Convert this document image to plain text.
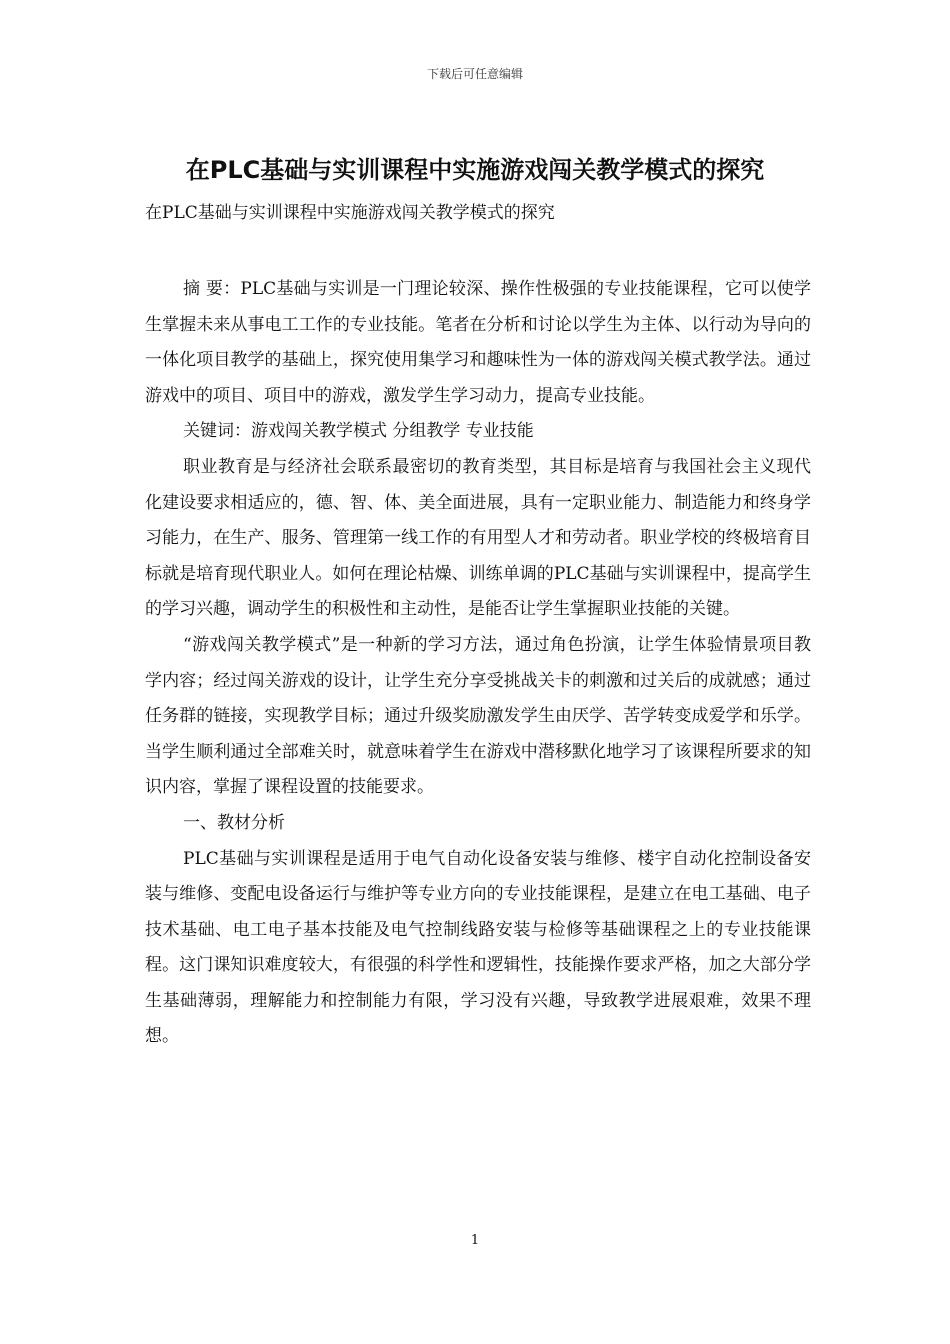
下载后可任意编辑
在PLC基础与实训课程中实施游戏闯关教学模式的探究

在PLC基础与实训课程中实施游戏闯关教学模式的探究

摘 要：PLC基础与实训是一门理论较深、操作性极强的专业技能课程，它可以使学生掌握未来从事电工工作的专业技能。笔者在分析和讨论以学生为主体、以行动为导向的一体化项目教学的基础上，探究使用集学习和趣味性为一体的游戏闯关模式教学法。通过游戏中的项目、项目中的游戏，激发学生学习动力，提高专业技能。

关键词：游戏闯关教学模式 分组教学 专业技能

职业教育是与经济社会联系最密切的教育类型，其目标是培育与我国社会主义现代化建设要求相适应的，德、智、体、美全面进展，具有一定职业能力、制造能力和终身学习能力，在生产、服务、管理第一线工作的有用型人才和劳动者。职业学校的终极培育目标就是培育现代职业人。如何在理论枯燥、训练单调的PLC基础与实训课程中，提高学生的学习兴趣，调动学生的积极性和主动性，是能否让学生掌握职业技能的关键。

“游戏闯关教学模式”是一种新的学习方法，通过角色扮演，让学生体验情景项目教学内容；经过闯关游戏的设计，让学生充分享受挑战关卡的刺激和过关后的成就感；通过任务群的链接，实现教学目标；通过升级奖励激发学生由厌学、苦学转变成爱学和乐学。当学生顺利通过全部难关时，就意味着学生在游戏中潜移默化地学习了该课程所要求的知识内容，掌握了课程设置的技能要求。

一、教材分析

PLC基础与实训课程是适用于电气自动化设备安装与维修、楼宇自动化控制设备安装与维修、变配电设备运行与维护等专业方向的专业技能课程，是建立在电工基础、电子技术基础、电工电子基本技能及电气控制线路安装与检修等基础课程之上的专业技能课程。这门课知识难度较大，有很强的科学性和逻辑性，技能操作要求严格，加之大部分学生基础薄弱，理解能力和控制能力有限，学习没有兴趣，导致教学进展艰难，效果不理想。

1
